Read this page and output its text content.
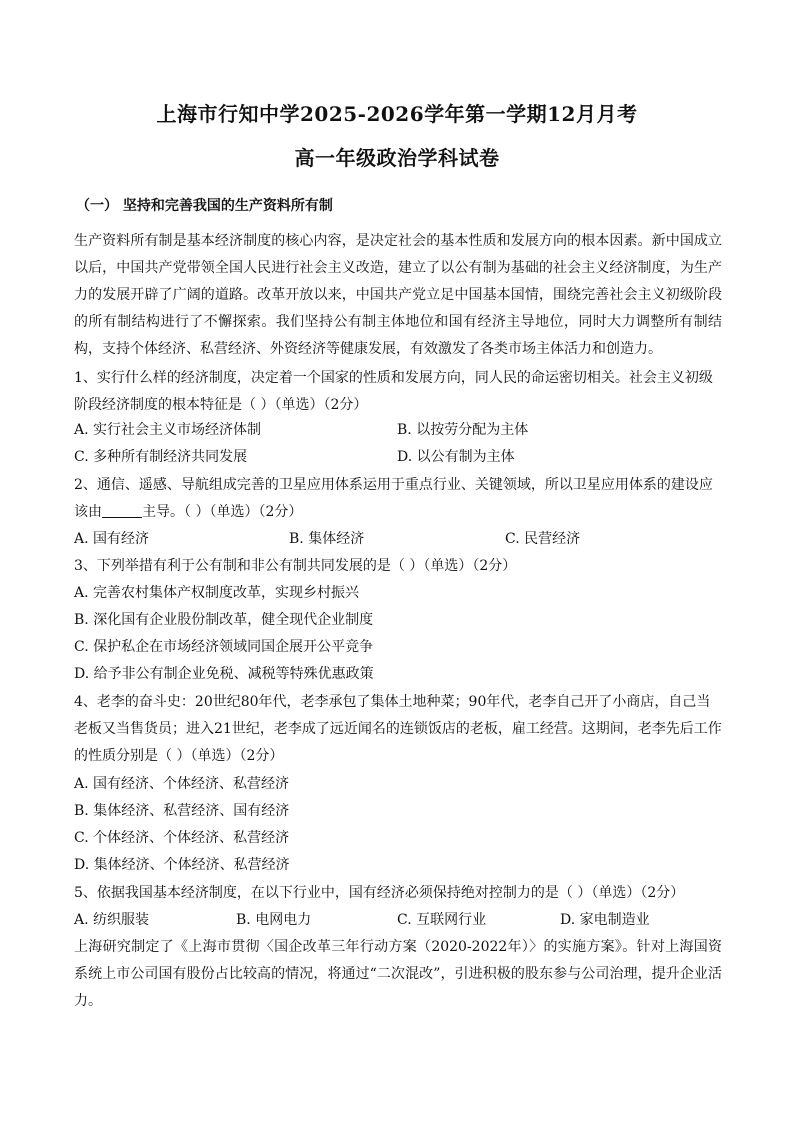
上海市行知中学2025-2026学年第一学期12月月考
高一年级政治学科试卷
（一） 坚持和完善我国的生产资料所有制

生产资料所有制是基本经济制度的核心内容，是决定社会的基本性质和发展方向的根本因素。新中国成立以后，中国共产党带领全国人民进行社会主义改造，建立了以公有制为基础的社会主义经济制度，为生产力的发展开辟了广阔的道路。改革开放以来，中国共产党立足中国基本国情，围绕完善社会主义初级阶段的所有制结构进行了不懈探索。我们坚持公有制主体地位和国有经济主导地位，同时大力调整所有制结构，支持个体经济、私营经济、外资经济等健康发展，有效激发了各类市场主体活力和创造力。

1、实行什么样的经济制度，决定着一个国家的性质和发展方向，同人民的命运密切相关。社会主义初级阶段经济制度的根本特征是（ ）（单选）（2分）

A. 实行社会主义市场经济体制	B. 以按劳分配为主体
C. 多种所有制经济共同发展	D. 以公有制为主体

2、通信、遥感、导航组成完善的卫星应用体系运用于重点行业、关键领域，所以卫星应用体系的建设应该由	主导。（ ）（单选）（2分）

A. 国有经济	B. 集体经济	C. 民营经济

3、下列举措有利于公有制和非公有制共同发展的是（ ）（单选）（2分）

A. 完善农村集体产权制度改革，实现乡村振兴
B. 深化国有企业股份制改革，健全现代企业制度
C. 保护私企在市场经济领域同国企展开公平竞争
D. 给予非公有制企业免税、减税等特殊优惠政策

4、老李的奋斗史：20世纪80年代，老李承包了集体土地种菜；90年代，老李自己开了小商店，自己当老板又当售货员；进入21世纪，老李成了远近闻名的连锁饭店的老板，雇工经营。这期间，老李先后工作的性质分别是（ ）（单选）（2分）

A. 国有经济、个体经济、私营经济
B. 集体经济、私营经济、国有经济
C. 个体经济、个体经济、私营经济
D. 集体经济、个体经济、私营经济

5、依据我国基本经济制度，在以下行业中，国有经济必须保持绝对控制力的是（ ）（单选）（2分）

A. 纺织服装	B. 电网电力	C. 互联网行业	D. 家电制造业

上海研究制定了《上海市贯彻〈国企改革三年行动方案（2020-2022年）〉的实施方案》。针对上海国资系统上市公司国有股份占比较高的情况，将通过“二次混改”，引进积极的股东参与公司治理，提升企业活力。
